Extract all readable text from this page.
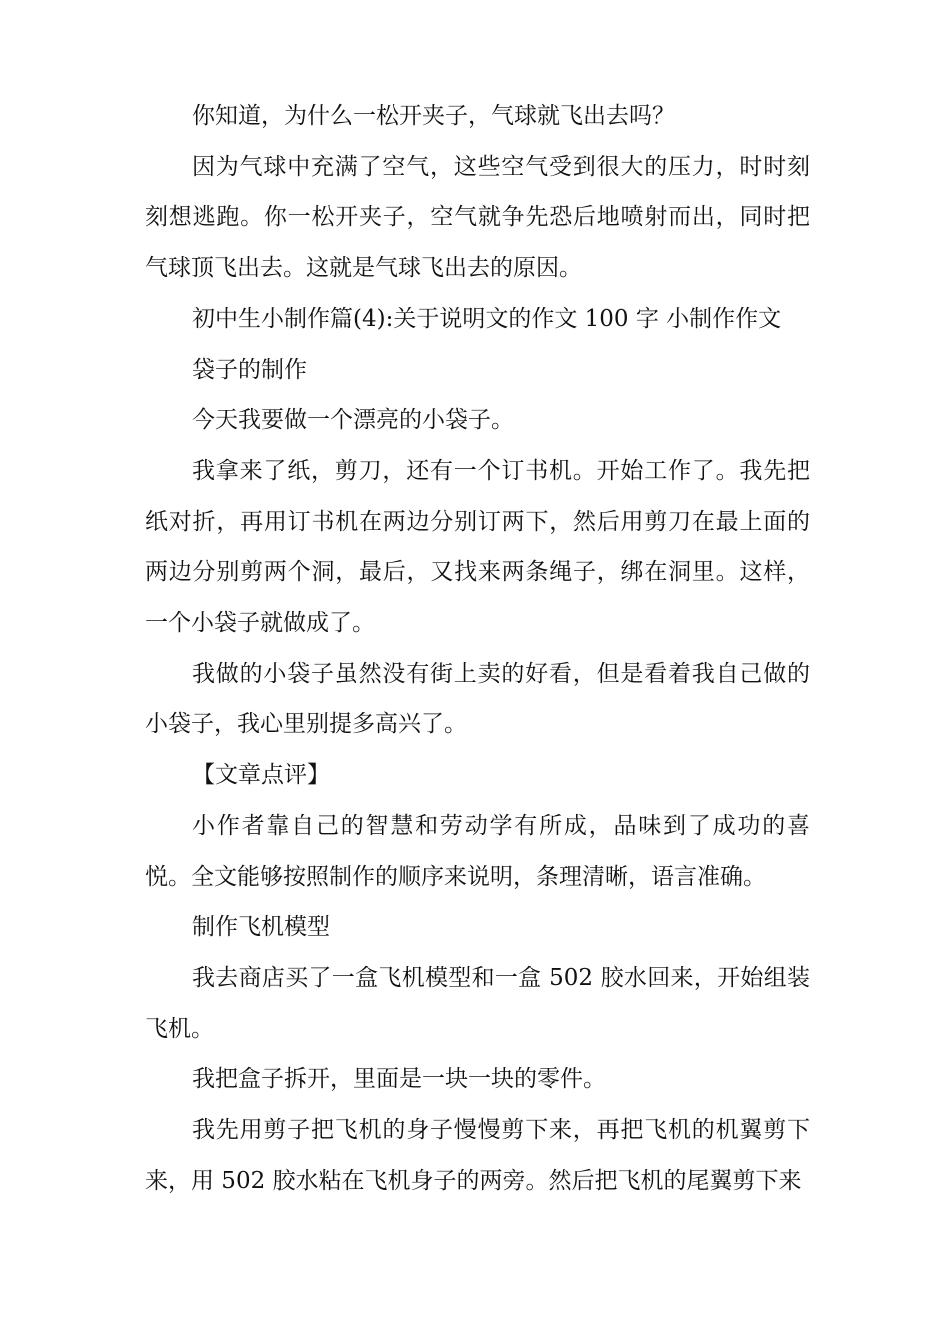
你知道，为什么一松开夹子，气球就飞出去吗？

因为气球中充满了空气，这些空气受到很大的压力，时时刻刻想逃跑。你一松开夹子，空气就争先恐后地喷射而出，同时把气球顶飞出去。这就是气球飞出去的原因。

初中生小制作篇(4):关于说明文的作文 100 字 小制作作文

袋子的制作

今天我要做一个漂亮的小袋子。

我拿来了纸，剪刀，还有一个订书机。开始工作了。我先把纸对折，再用订书机在两边分别订两下，然后用剪刀在最上面的两边分别剪两个洞，最后，又找来两条绳子，绑在洞里。这样，一个小袋子就做成了。

我做的小袋子虽然没有街上卖的好看，但是看着我自己做的小袋子，我心里别提多高兴了。

【文章点评】

小作者靠自己的智慧和劳动学有所成，品味到了成功的喜悦。全文能够按照制作的顺序来说明，条理清晰，语言准确。

制作飞机模型

我去商店买了一盒飞机模型和一盒 502 胶水回来，开始组装飞机。

我把盒子拆开，里面是一块一块的零件。

我先用剪子把飞机的身子慢慢剪下来，再把飞机的机翼剪下来，用 502 胶水粘在飞机身子的两旁。然后把飞机的尾翼剪下来
